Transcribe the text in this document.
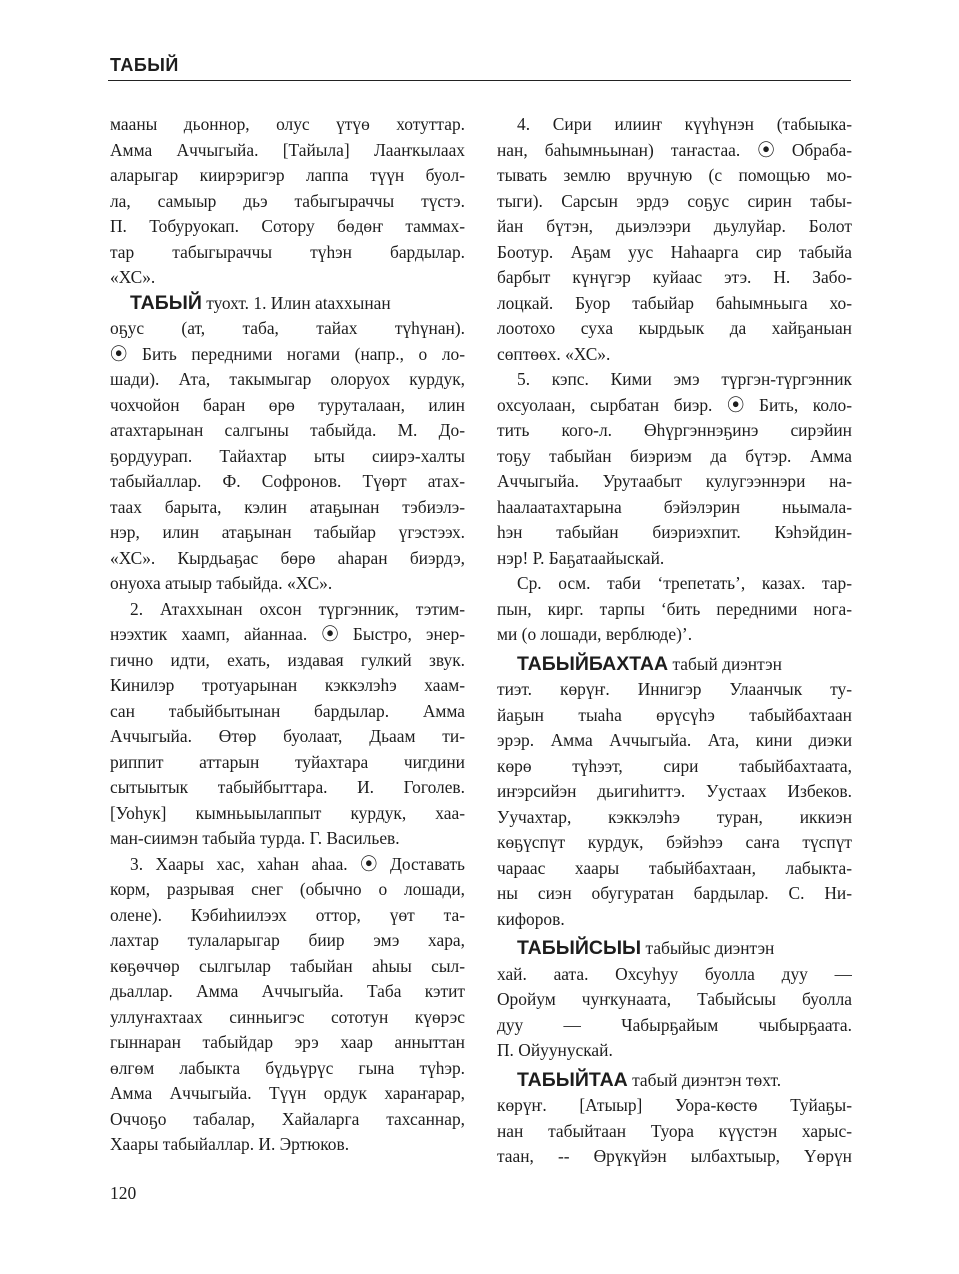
ТАБЫЙ
мааны дьоннор, олус үтүө хотуттар.
Амма Аччыгыйа. [Тайыла] Лааҥкылаах
аларыгар киирэригэр лаппа түүн буол-
ла, самыыр дьэ табыгыраччы түстэ.
П. Тобуруокап. Сотору бөдөҥ таммах-
тар табыгыраччы түһэн бардылар.
«ХС».
ТАБЫЙ туохт. 1. Илин ataххынан
оҕус (ат, таба, тайах түһүнан).
⦿ Бить передними ногами (напр., о ло-
шади). Ата, такымыгар олоруох курдук,
чохчойон баран өрө туруталаан, илин
атахтарынан салгыны табыйда. М. До-
ҕордуурап. Тайахтар ыты сиирэ-халты
табыйаллар. Ф. Софронов. Түөрт атах-
таах барыта, кэлин атаҕынан тэбиэлэ-
нэр, илин атаҕынан табыйар үгэстээх.
«ХС». Кырдьаҕас бөрө аһаран биэрдэ,
онуоха атыыр табыйда. «ХС».
2. Атаххынан охсон түргэнник, тэтим-
нээхтик хаамп, айаннаа. ⦿ Быстро, энер-
гично идти, ехать, издавая гулкий звук.
Кинилэр тротуарынан кэккэлэһэ хаам-
сан табыйбытынан бардылар. Амма
Аччыгыйа. Өтөр буолаат, Дьаам ти-
риппит аттарын туйахтара чигдини
сытыытык табыйбыттара. И. Гоголев.
[Уоһук] кымньыылаппыт курдук, хаа-
ман-сиимэн табыйа турда. Г. Васильев.
3. Хаары хас, хаһан аһаа. ⦿ Доставать
корм, разрывая снег (обычно о лошади,
олене). Кэбиһиилээх оттор, үөт та-
лахтар тулаларыгар биир эмэ хара,
көҕөччөр сылгылар табыйан аһыы сыл-
дьаллар. Амма Аччыгыйа. Таба кэтит
уллуҥахтаах синньигэс сототун күөрэс
гыннаран табыйдар эрэ хаар анныттан
өлгөм лабыкта бүдьүрүс гына түһэр.
Амма Аччыгыйа. Түүн ордук хараҥарар,
Оччоҕо табалар, Хайаларга тахсаннар,
Хаары табыйаллар. И. Эртюков.
4. Сири илииҥ күүһүнэн (табыыка-
нан, баһымньынан) таҥастаа. ⦿ Обраба-
тывать землю вручную (с помощью мо-
тыги). Сарсын эрдэ соҕус сирин табы-
йан бүтэн, дьиэлээри дьулуйар. Болот
Боотур. Аҕам уус Наһаарга сир табыйа
барбыт күнүгэр куйаас этэ. Н. Забо-
лоцкай. Буор табыйар баһымньыга хо-
лоотохо суха кырдьык да хайҕаныан
сөптөөх. «ХС».
5. кэпс. Кими эмэ түргэн-түргэнник
охсуолаан, сырбатан биэр. ⦿ Бить, коло-
тить кого-л. Өһүргэннэҕинэ сирэйин
тоҕу табыйан биэриэм да бүтэр. Амма
Аччыгыйа. Урутаабыт кулугээннэри на-
һаалаатахтарына бэйэлэрин ньымала-
һэн табыйан биэриэхпит. Кэһэйдин-
нэр! Р. Баҕатаайыскай.
Ср. осм. таби ‘трепетать’, казах. тар-
пын, кирг. тарпы ‘бить передними нога-
ми (о лошади, верблюде)’.
ТАБЫЙБАХТАА табый диэнтэн
тиэт. көрүҥ. Иннигэр Улаанчык ту-
йаҕын тыаһа өрүсүһэ табыйбахтаан
эрэр. Амма Аччыгыйа. Ата, кини диэки
көрө түһээт, сири табыйбахтаата,
иҥэрсийэн дьигиһиттэ. Уустаах Избеков.
Уучахтар, кэккэлэһэ туран, иккиэн
көҕүспүт курдук, бэйэһээ саҥа түспүт
чараас хаары табыйбахтаан, лабыкта-
ны сиэн обугуратан бардылар. С. Ни-
кифоров.
ТАБЫЙСЫЫ табыйыс диэнтэн
хай. аата. Охсуһуу буолла дуу —
Оройум чуҥкунаата, Табыйсыы буолла
дуу — Чабырҕайым чыбырҕаата.
П. Ойуунускай.
ТАБЫЙТАА табый диэнтэн төхт.
көрүҥ. [Атыыр] Уора-көстө Туйаҕы-
нан табыйтаан Туора күүстэн харыс-
таан, -- Өрүкүйэн ылбахтыыр, Үөрүн
120
